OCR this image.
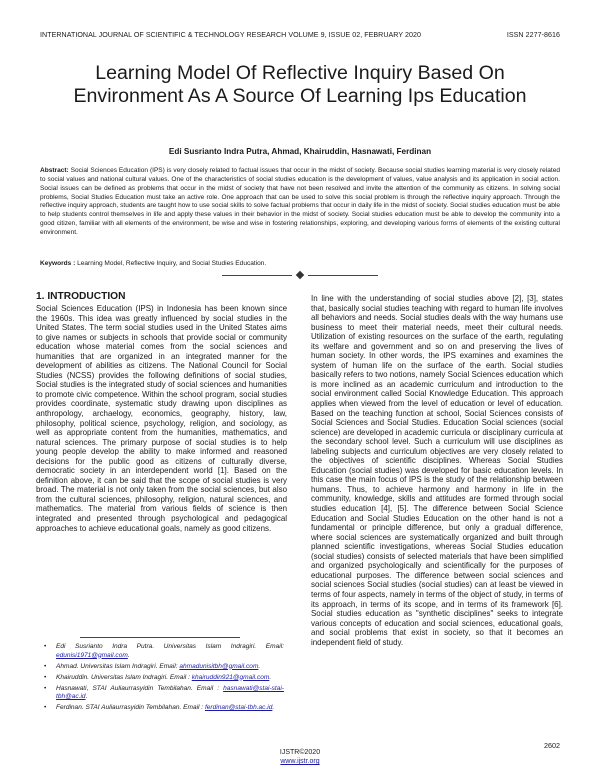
INTERNATIONAL JOURNAL OF SCIENTIFIC & TECHNOLOGY RESEARCH VOLUME 9, ISSUE 02, FEBRUARY 2020	ISSN 2277-8616
Learning Model Of Reflective Inquiry Based On Environment As A Source Of Learning Ips Education
Edi Susrianto Indra Putra, Ahmad, Khairuddin, Hasnawati, Ferdinan

Abstract: Social Sciences Education (IPS) is very closely related to factual issues that occur in the midst of society. Because social studies learning material is very closely related to social values and national cultural values. One of the characteristics of social studies education is the development of values, value analysis and its application in social action. Social issues can be defined as problems that occur in the midst of society that have not been resolved and invite the attention of the community as citizens. In solving social problems, Social Studies Education must take an active role. One approach that can be used to solve this social problem is through the reflective inquiry approach. Through the reflective inquiry approach, students are taught how to use social skills to solve factual problems that occur in daily life in the midst of society. Social studies education must be able to help students control themselves in life and apply these values in their behavior in the midst of society. Social studies education must be able to develop the community into a good citizen, familiar with all elements of the environment, be wise and wise in fostering relationships, exploring, and developing various forms of elements of the existing cultural environment.

Keywords : Learning Model, Reflective Inquiry, and Social Studies Education.

1. INTRODUCTION

Social Sciences Education (IPS) in Indonesia has been known since the 1960s. This idea was greatly influenced by social studies in the United States. The term social studies used in the United States aims to give names or subjects in schools that provide social or community education whose material comes from the social sciences and humanities that are organized in an integrated manner for the development of abilities as citizens. The National Council for Social Studies (NCSS) provides the following definitions of social studies, Social studies is the integrated study of social sciences and humanities to promote civic competence. Within the school program, social studies provides coordinate, systematic study drawing upon disciplines as anthropology, archaelogy, economics, geography, history, law, philosophy, political science, psychology, religion, and sociology, as well as appropriate content from the humanities, mathematics, and natural sciences. The primary purpose of social studies is to help young people develop the ability to make informed and reasoned decisions for the public good as citizens of culturally diverse, democratic society in an interdependent world [1]. Based on the definition above, it can be said that the scope of social studies is very broad. The material is not only taken from the social sciences, but also from the cultural sciences, philosophy, religion, natural sciences, and mathematics. The material from various fields of science is then integrated and presented through psychological and pedagogical approaches to achieve educational goals, namely as good citizens.

In line with the understanding of social studies above [2], [3], states that, basically social studies teaching with regard to human life involves all behaviors and needs. Social studies deals with the way humans use business to meet their material needs, meet their cultural needs. Utilization of existing resources on the surface of the earth, regulating its welfare and government and so on and preserving the lives of human society. In other words, the IPS examines and examines the system of human life on the surface of the earth. Social studies basically refers to two notions, namely Social Sciences education which is more inclined as an academic curriculum and introduction to the social environment called Social Knowledge Education. This approach applies when viewed from the level of education or level of education. Based on the teaching function at school, Social Sciences consists of Social Sciences and Social Studies. Education Social sciences (social science) are developed in academic curricula or disciplinary curricula at the secondary school level. Such a curriculum will use disciplines as labeling subjects and curriculum objectives are very closely related to the objectives of scientific disciplines. Whereas Social Studies Education (social studies) was developed for basic education levels. In this case the main focus of IPS is the study of the relationship between humans. Thus, to achieve harmony and harmony in life in the community, knowledge, skills and attitudes are formed through social studies education [4], [5]. The difference between Social Science Education and Social Studies Education on the other hand is not a fundamental or principle difference, but only a gradual difference, where social sciences are systematically organized and built through planned scientific investigations, whereas Social Studies education (social studies) consists of selected materials that have been simplified and organized psychologically and scientifically for the purposes of educational purposes. The difference between social sciences and social sciences Social studies (social studies) can at least be viewed in terms of four aspects, namely in terms of the object of study, in terms of its approach, in terms of its scope, and in terms of its framework [6]. Social studies education as "synthetic disciplines" seeks to integrate various concepts of education and social sciences, educational goals, and social problems that exist in society, so that it becomes an independent field of study.

• Edi Susrianto Indra Putra. Universitas Islam Indragiri. Email: edunisi1971@gmail.com.
• Ahmad. Universitas Islam Indragiri. Email: ahmadunisitbh@gmail.com.
• Khairuddin. Universitas Islam Indragiri. Email : khairuddin921@gmail.com.
• Hasnawati, STAI Auliaurrasyidin Tembilahan. Email : hasnawati@stai-stai-tbh@ac.id.
• Ferdinan. STAI Auliaurrasyidin Tembilahan. Email : ferdinan@stai-tbh.ac.id.
2602
IJSTR©2020
www.ijstr.org
